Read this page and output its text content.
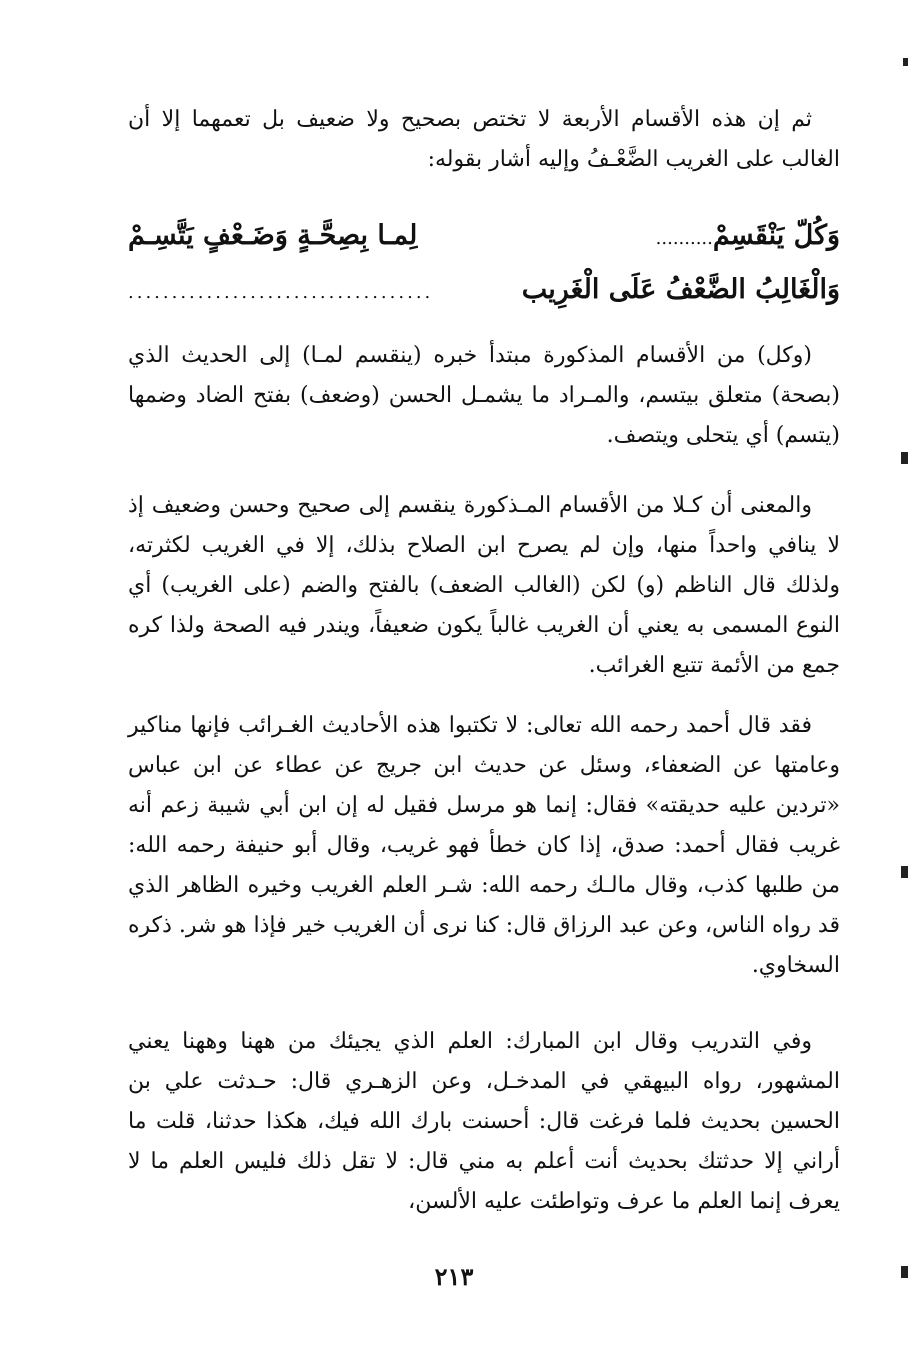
ثم إن هذه الأقسام الأربعة لا تختص بصحيح ولا ضعيف بل تعمهما إلا أن الغالب على الغريب الضَّعْـفُ وإليه أشار بقوله:

وَكُلّ يَنْقَسِمْ..........
لِمـا بِصِحَّـةٍ وَضَـعْفٍ يَتَّسِـمْ
وَالْغَالِبُ الضَّعْفُ عَلَى الْغَرِيب
...................................

(وكل) من الأقسام المذكورة مبتدأ خبره (ينقسم لمـا) إلى الحديث الذي (بصحة) متعلق بيتسم، والمـراد ما يشمـل الحسن (وضعف) بفتح الضاد وضمها (يتسم) أي يتحلى ويتصف.

والمعنى أن كـلا من الأقسام المـذكورة ينقسم إلى صحيح وحسن وضعيف إذ لا ينافي واحداً منها، وإن لم يصرح ابن الصلاح بذلك، إلا في الغريب لكثرته، ولذلك قال الناظم (و) لكن (الغالب الضعف) بالفتح والضم (على الغريب) أي النوع المسمى به يعني أن الغريب غالباً يكون ضعيفاً، ويندر فيه الصحة ولذا كره جمع من الأئمة تتبع الغرائب.

فقد قال أحمد رحمه الله تعالى: لا تكتبوا هذه الأحاديث الغـرائب فإنها مناكير وعامتها عن الضعفاء، وسئل عن حديث ابن جريج عن عطاء عن ابن عباس «تردين عليه حديقته» فقال: إنما هو مرسل فقيل له إن ابن أبي شيبة زعم أنه غريب فقال أحمد: صدق، إذا كان خطأ فهو غريب، وقال أبو حنيفة رحمه الله: من طلبها كذب، وقال مالـك رحمه الله: شـر العلم الغريب وخيره الظاهر الذي قد رواه الناس، وعن عبد الرزاق قال: كنا نرى أن الغريب خير فإذا هو شر. ذكره السخاوي.

وفي التدريب وقال ابن المبارك: العلم الذي يجيئك من ههنا وههنا يعني المشهور، رواه البيهقي في المدخـل، وعن الزهـري قال: حـدثت علي بن الحسين بحديث فلما فرغت قال: أحسنت بارك الله فيك، هكذا حدثنا، قلت ما أراني إلا حدثتك بحديث أنت أعلم به مني قال: لا تقل ذلك فليس العلم ما لا يعرف إنما العلم ما عرف وتواطئت عليه الألسن،

٢١٣
